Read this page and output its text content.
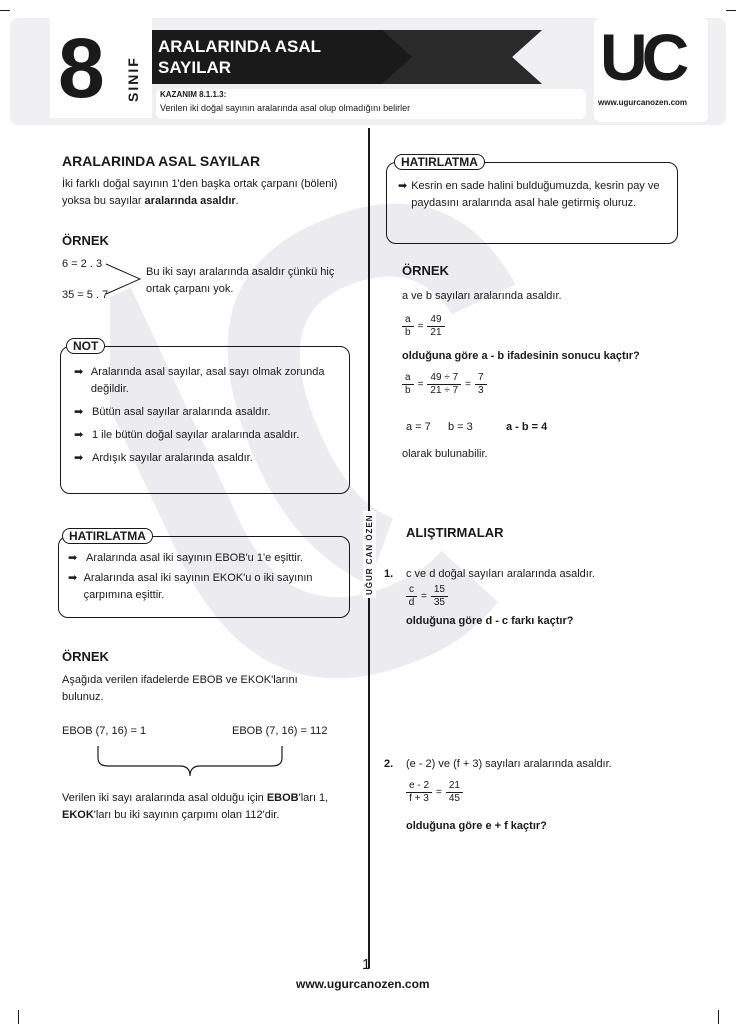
8 SINIF
ARALARINDA ASAL
SAYILAR
KAZANIM 8.1.1.3:
Verilen iki doğal sayının aralarında asal olup olmadığını belirler
UC
www.ugurcanozen.com
UĞUR CAN ÖZEN
ARALARINDA ASAL SAYILAR
İki farklı doğal sayının 1'den başka ortak çarpanı (böleni) yoksa bu sayılar aralarında asaldır.
ÖRNEK
6 = 2 . 3
35 = 5 . 7
Bu iki sayı aralarında asaldır çünkü hiç ortak çarpanı yok.
NOT
➡ Aralarında asal sayılar, asal sayı olmak zorunda değildir.
➡ Bütün asal sayılar aralarında asaldır.
➡ 1 ile bütün doğal sayılar aralarında asaldır.
➡ Ardışık sayılar aralarında asaldır.
HATIRLATMA
➡ Aralarında asal iki sayının EBOB'u 1'e eşittir.
➡ Aralarında asal iki sayının EKOK'u o iki sayının çarpımına eşittir.
ÖRNEK
Aşağıda verilen ifadelerde EBOB ve EKOK'larını bulunuz.
EBOB (7, 16) = 1	EBOB (7, 16) = 112
Verilen iki sayı aralarında asal olduğu için EBOB'ları 1,
EKOK'ları bu iki sayının çarpımı olan 112'dir.
HATIRLATMA
➡ Kesrin en sade halini bulduğumuzda, kesrin pay ve paydasını aralarında asal hale getirmiş oluruz.
ÖRNEK
a ve b sayıları aralarında asaldır.
$\frac{a}{b} = \frac{49}{21}$
olduğuna göre a - b ifadesinin sonucu kaçtır?
$\frac{a}{b} = \frac{49 \div 7}{21 \div 7} = \frac{7}{3}$
a = 7 b = 3	a - b = 4
olarak bulunabilir.
ALIŞTIRMALAR
1. c ve d doğal sayıları aralarında asaldır.
$\frac{c}{d} = \frac{15}{35}$
olduğuna göre d - c farkı kaçtır?
2. (e - 2) ve (f + 3) sayıları aralarında asaldır.
$\frac{e - 2}{f + 3} = \frac{21}{45}$
olduğuna göre e + f kaçtır?
1
www.ugurcanozen.com
